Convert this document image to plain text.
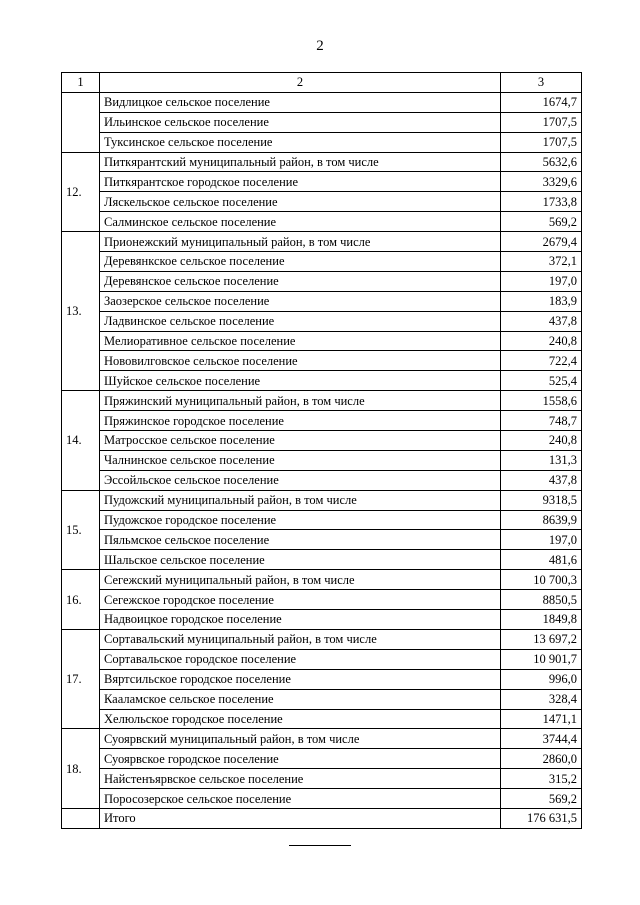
2
1	2	3
	Видлицкое сельское поселение	1674,7
	Ильинское сельское поселение	1707,5
	Туксинское сельское поселение	1707,5
12.	Питкярантский муниципальный район, в том числе	5632,6
	Питкярантское городское поселение	3329,6
	Ляскельское сельское поселение	1733,8
	Салминское сельское поселение	569,2
13.	Прионежский муниципальный район, в том числе	2679,4
	Деревянкское сельское поселение	372,1
	Деревянское сельское поселение	197,0
	Заозерское сельское поселение	183,9
	Ладвинское сельское поселение	437,8
	Мелиоративное сельское поселение	240,8
	Нововилговское сельское поселение	722,4
	Шуйское сельское поселение	525,4
14.	Пряжинский муниципальный район, в том числе	1558,6
	Пряжинское городское поселение	748,7
	Матросское сельское поселение	240,8
	Чалнинское сельское поселение	131,3
	Эссойльское сельское поселение	437,8
15.	Пудожский муниципальный район, в том числе	9318,5
	Пудожское городское поселение	8639,9
	Пяльмское сельское поселение	197,0
	Шальское сельское поселение	481,6
16.	Сегежский муниципальный район, в том числе	10 700,3
	Сегежское городское поселение	8850,5
	Надвоицкое городское поселение	1849,8
17.	Сортавальский муниципальный район, в том числе	13 697,2
	Сортавальское городское поселение	10 901,7
	Вяртсильское городское поселение	996,0
	Кааламское сельское поселение	328,4
	Хелюльское городское поселение	1471,1
18.	Суоярвский муниципальный район, в том числе	3744,4
	Суоярвское городское поселение	2860,0
	Найстенъярвское сельское поселение	315,2
	Поросозерское сельское поселение	569,2
	Итого	176 631,5
